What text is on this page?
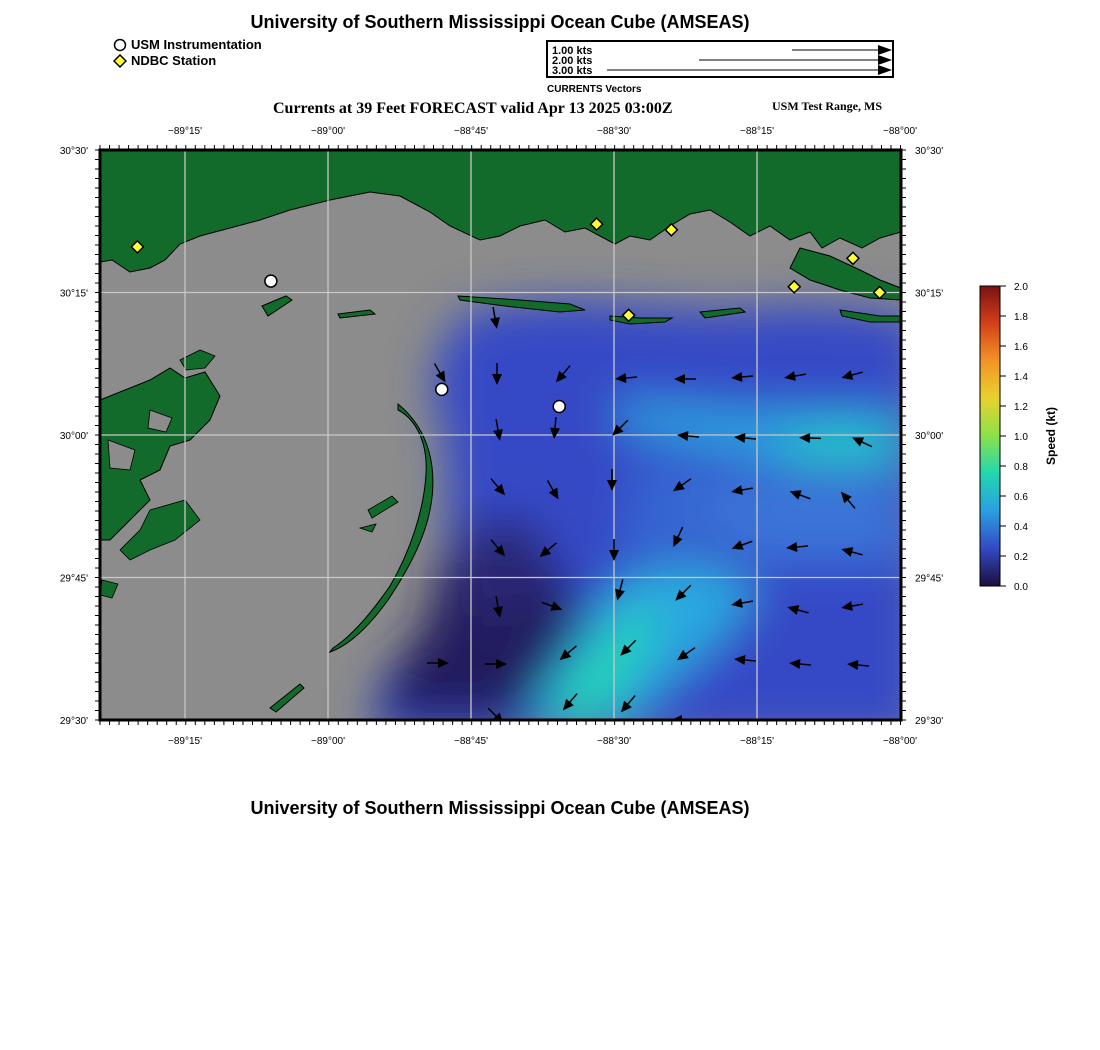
University of Southern Mississippi Ocean Cube (AMSEAS)
USM Instrumentation
NDBC Station
1.00 kts
2.00 kts
3.00 kts
CURRENTS Vectors
Currents at 39 Feet FORECAST valid Apr 13 2025 03:00Z	USM Test Range, MS
−89°15'	−89°00'	−88°45'	−88°30'	−88°15'	−88°00'
−89°15'	−89°00'	−88°45'	−88°30'	−88°15'	−88°00'
30°30'
30°15'
30°00'
29°45'
29°30'
30°30'
30°15'
30°00'
29°45'
29°30'
2.0
1.8
1.6
1.4
1.2
1.0
0.8
0.6
0.4
0.2
0.0
Speed (kt)
University of Southern Mississippi Ocean Cube (AMSEAS)
